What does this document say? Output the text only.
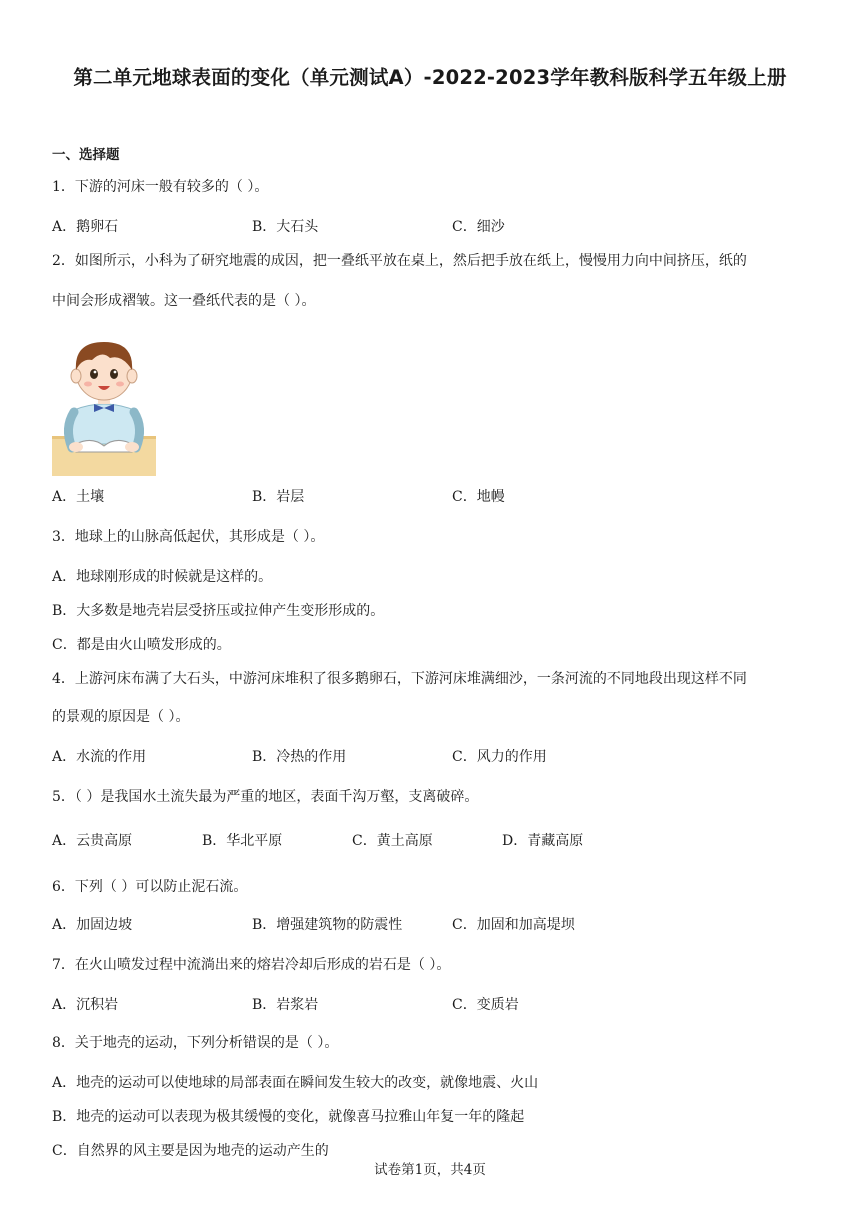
第二单元地球表面的变化（单元测试A）-2022-2023学年教科版科学五年级上册
一、选择题
1．下游的河床一般有较多的（ ）。
A．鹅卵石	B．大石头	C．细沙
2．如图所示，小科为了研究地震的成因，把一叠纸平放在桌上，然后把手放在纸上，慢慢用力向中间挤压，纸的
中间会形成褶皱。这一叠纸代表的是（ ）。
A．土壤	B．岩层	C．地幔
3．地球上的山脉高低起伏，其形成是（ ）。
A．地球刚形成的时候就是这样的。
B．大多数是地壳岩层受挤压或拉伸产生变形形成的。
C．都是由火山喷发形成的。
4．上游河床布满了大石头，中游河床堆积了很多鹅卵石，下游河床堆满细沙，一条河流的不同地段出现这样不同
的景观的原因是（ ）。
A．水流的作用	B．冷热的作用	C．风力的作用
5．（ ）是我国水土流失最为严重的地区，表面千沟万壑，支离破碎。
A．云贵高原	B．华北平原	C．黄土高原	D．青藏高原
6．下列（ ）可以防止泥石流。
A．加固边坡	B．增强建筑物的防震性	C．加固和加高堤坝
7．在火山喷发过程中流淌出来的熔岩冷却后形成的岩石是（ ）。
A．沉积岩	B．岩浆岩	C．变质岩
8．关于地壳的运动，下列分析错误的是（ ）。
A．地壳的运动可以使地球的局部表面在瞬间发生较大的改变，就像地震、火山
B．地壳的运动可以表现为极其缓慢的变化，就像喜马拉雅山年复一年的隆起
C．自然界的风主要是因为地壳的运动产生的
试卷第1页，共4页
